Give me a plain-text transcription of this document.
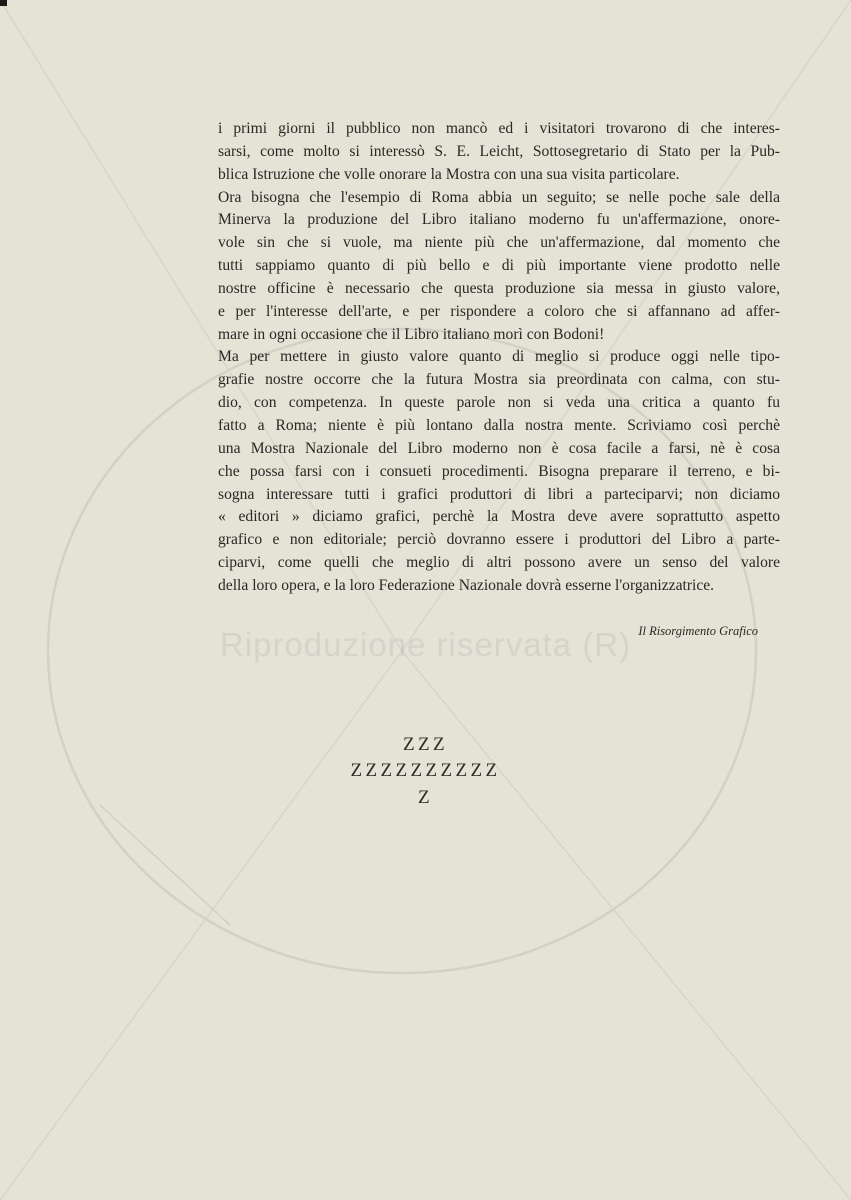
Riproduzione riservata (R)
i primi giorni il pubblico non mancò ed i visitatori trovarono di che interes-
sarsi, come molto si interessò S. E. Leicht, Sottosegretario di Stato per la Pub-
blica Istruzione che volle onorare la Mostra con una sua visita particolare.
Ora bisogna che l'esempio di Roma abbia un seguito; se nelle poche sale della
Minerva la produzione del Libro italiano moderno fu un'affermazione, onore-
vole sin che si vuole, ma niente più che un'affermazione, dal momento che
tutti sappiamo quanto di più bello e di più importante viene prodotto nelle
nostre officine è necessario che questa produzione sia messa in giusto valore,
e per l'interesse dell'arte, e per rispondere a coloro che si affannano ad affer-
mare in ogni occasione che il Libro italiano morì con Bodoni!
Ma per mettere in giusto valore quanto di meglio si produce oggi nelle tipo-
grafie nostre occorre che la futura Mostra sia preordinata con calma, con stu-
dio, con competenza. In queste parole non si veda una critica a quanto fu
fatto a Roma; niente è più lontano dalla nostra mente. Scriviamo così perchè
una Mostra Nazionale del Libro moderno non è cosa facile a farsi, nè è cosa
che possa farsi con i consueti procedimenti. Bisogna preparare il terreno, e bi-
sogna interessare tutti i grafici produttori di libri a parteciparvi; non diciamo
« editori » diciamo grafici, perchè la Mostra deve avere soprattutto aspetto
grafico e non editoriale; perciò dovranno essere i produttori del Libro a parte-
ciparvi, come quelli che meglio di altri possono avere un senso del valore
della loro opera, e la loro Federazione Nazionale dovrà esserne l'organizzatrice.
Il Risorgimento Grafico
ZZZ
ZZZZZZZZZZ
Z
